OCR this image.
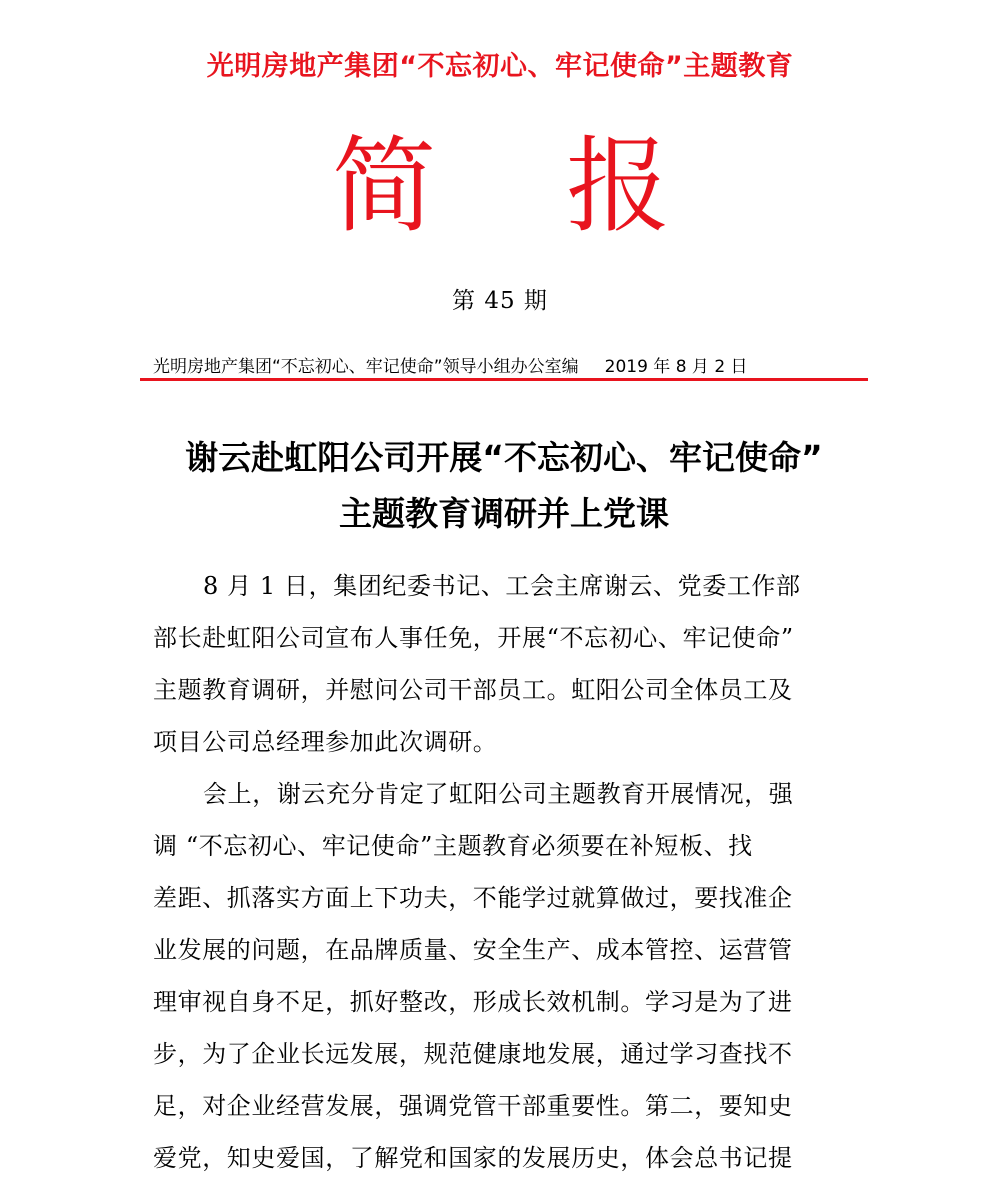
光明房地产集团“不忘初心、牢记使命”主题教育
简 报
第 45 期
光明房地产集团“不忘初心、牢记使命”领导小组办公室编 2019 年 8 月 2 日
谢云赴虹阳公司开展“不忘初心、牢记使命”
主题教育调研并上党课
8 月 1 日，集团纪委书记、工会主席谢云、党委工作部
部长赴虹阳公司宣布人事任免，开展“不忘初心、牢记使命”
主题教育调研，并慰问公司干部员工。虹阳公司全体员工及
项目公司总经理参加此次调研。
会上，谢云充分肯定了虹阳公司主题教育开展情况，强
调 “不忘初心、牢记使命”主题教育必须要在补短板、找
差距、抓落实方面上下功夫，不能学过就算做过，要找准企
业发展的问题，在品牌质量、安全生产、成本管控、运营管
理审视自身不足，抓好整改，形成长效机制。学习是为了进
步，为了企业长远发展，规范健康地发展，通过学习查找不
足，对企业经营发展，强调党管干部重要性。第二，要知史
爱党，知史爱国，了解党和国家的发展历史，体会总书记提
